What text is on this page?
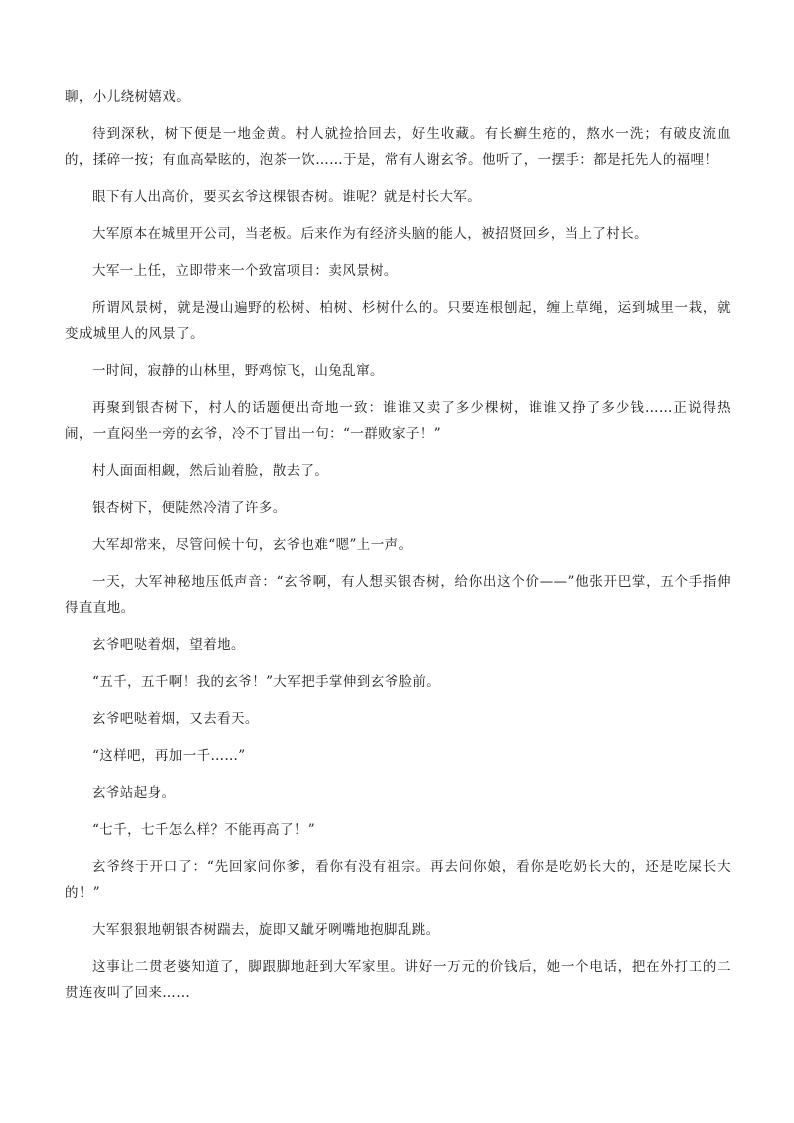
聊，小儿绕树嬉戏。

待到深秋，树下便是一地金黄。村人就捡拾回去，好生收藏。有长癣生疮的，熬水一洗；有破皮流血的，揉碎一按；有血高晕眩的，泡茶一饮……于是，常有人谢玄爷。他听了，一摆手：都是托先人的福哩！

眼下有人出高价，要买玄爷这棵银杏树。谁呢？就是村长大军。

大军原本在城里开公司，当老板。后来作为有经济头脑的能人，被招贤回乡，当上了村长。

大军一上任，立即带来一个致富项目：卖风景树。

所谓风景树，就是漫山遍野的松树、柏树、杉树什么的。只要连根刨起，缠上草绳，运到城里一栽，就变成城里人的风景了。

一时间，寂静的山林里，野鸡惊飞，山兔乱窜。

再聚到银杏树下，村人的话题便出奇地一致：谁谁又卖了多少棵树，谁谁又挣了多少钱……正说得热闹，一直闷坐一旁的玄爷，冷不丁冒出一句：“一群败家子！”

村人面面相觑，然后讪着脸，散去了。

银杏树下，便陡然冷清了许多。

大军却常来，尽管问候十句，玄爷也难“嗯”上一声。

一天，大军神秘地压低声音：“玄爷啊，有人想买银杏树，给你出这个价——”他张开巴掌，五个手指伸得直直地。

玄爷吧哒着烟，望着地。

“五千，五千啊！我的玄爷！”大军把手掌伸到玄爷脸前。

玄爷吧哒着烟，又去看天。

“这样吧，再加一千……”

玄爷站起身。

“七千，七千怎么样？不能再高了！”

玄爷终于开口了：“先回家问你爹，看你有没有祖宗。再去问你娘，看你是吃奶长大的，还是吃屎长大的！”

大军狠狠地朝银杏树踹去，旋即又龇牙咧嘴地抱脚乱跳。

这事让二贯老婆知道了，脚跟脚地赶到大军家里。讲好一万元的价钱后，她一个电话，把在外打工的二贯连夜叫了回来……
